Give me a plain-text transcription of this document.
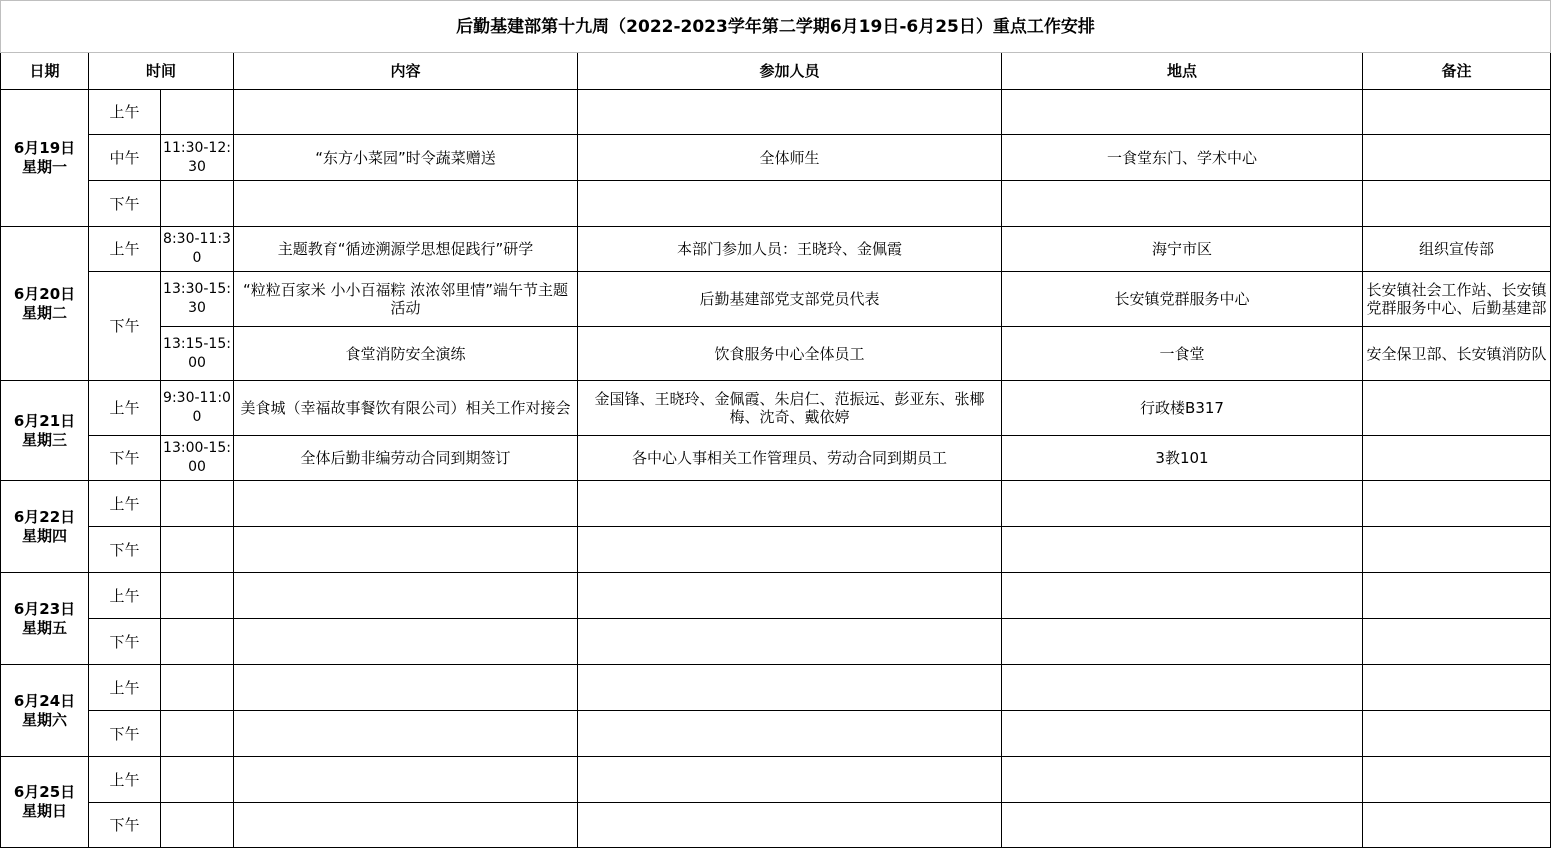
后勤基建部第十九周（2022-2023学年第二学期6月19日-6月25日）重点工作安排						
日期	时间		内容	参加人员	地点	备注
6月19日
星期一	上午					
	中午	11:30-12:30	“东方小菜园”时令蔬菜赠送	全体师生	一食堂东门、学术中心	
	下午					
6月20日
星期二	上午	8:30-11:30	主题教育“循迹溯源学思想促践行”研学	本部门参加人员：王晓玲、金佩霞	海宁市区	组织宣传部
	下午	13:30-15:30	“粒粒百家米 小小百福粽 浓浓邻里情”端午节主题活动	后勤基建部党支部党员代表	长安镇党群服务中心	长安镇社会工作站、长安镇党群服务中心、后勤基建部
		13:15-15:00	食堂消防安全演练	饮食服务中心全体员工	一食堂	安全保卫部、长安镇消防队
6月21日
星期三	上午	9:30-11:00	美食城（幸福故事餐饮有限公司）相关工作对接会	金国锋、王晓玲、金佩霞、朱启仁、范振远、彭亚东、张椰梅、沈奇、戴依婷	行政楼B317	
	下午	13:00-15:00	全体后勤非编劳动合同到期签订	各中心人事相关工作管理员、劳动合同到期员工	3教101	
6月22日
星期四	上午					
	下午					
6月23日
星期五	上午					
	下午					
6月24日
星期六	上午					
	下午					
6月25日
星期日	上午					
	下午					
